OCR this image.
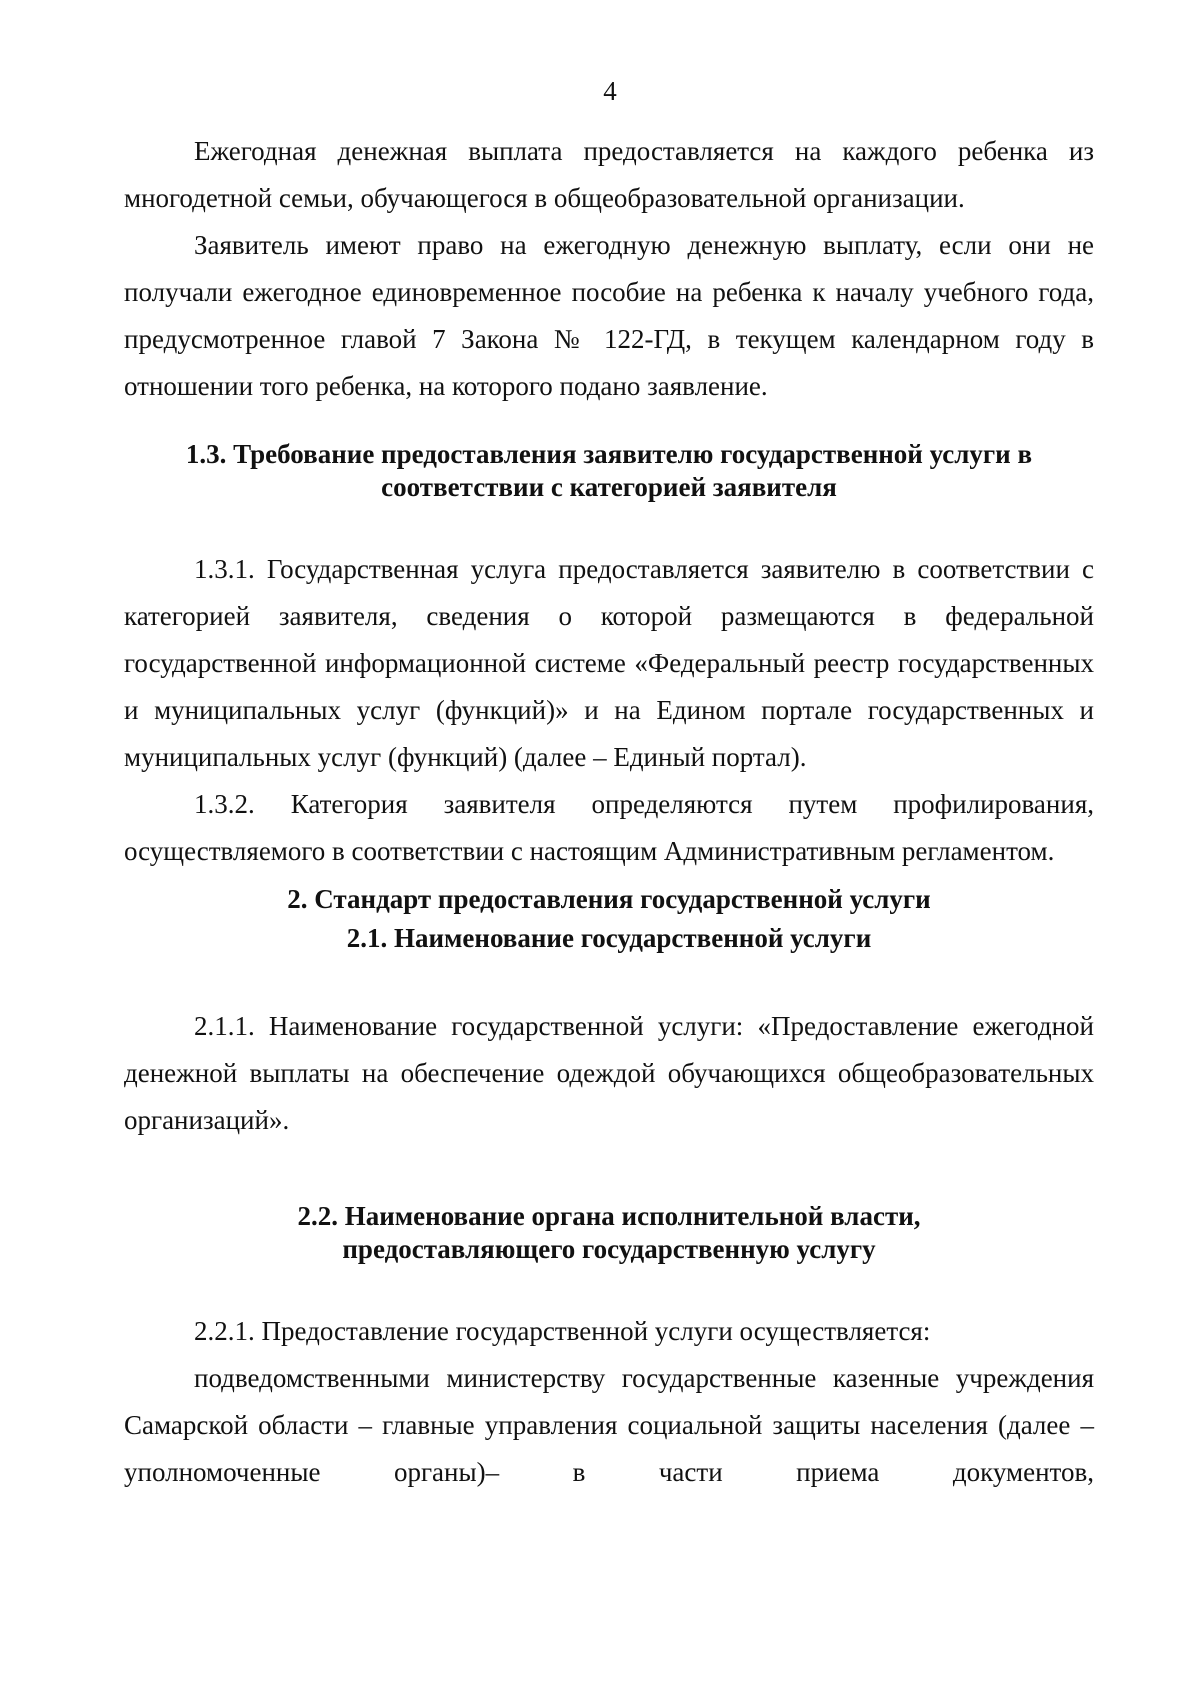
4

Ежегодная денежная выплата предоставляется на каждого ребенка из многодетной семьи, обучающегося в общеобразовательной организации.

Заявитель имеют право на ежегодную денежную выплату, если они не получали ежегодное единовременное пособие на ребенка к началу учебного года, предусмотренное главой 7 Закона № 122-ГД, в текущем календарном году в отношении того ребенка, на которого подано заявление.

1.3. Требование предоставления заявителю государственной услуги в
соответствии с категорией заявителя

1.3.1. Государственная услуга предоставляется заявителю в соответствии с категорией заявителя, сведения о которой размещаются в федеральной государственной информационной системе «Федеральный реестр государственных и муниципальных услуг (функций)» и на Едином портале государственных и муниципальных услуг (функций) (далее – Единый портал).

1.3.2. Категория заявителя определяются путем профилирования, осуществляемого в соответствии с настоящим Административным регламентом.

2. Стандарт предоставления государственной услуги
2.1. Наименование государственной услуги

2.1.1. Наименование государственной услуги: «Предоставление ежегодной денежной выплаты на обеспечение одеждой обучающихся общеобразовательных организаций».

2.2. Наименование органа исполнительной власти,
предоставляющего государственную услугу

2.2.1. Предоставление государственной услуги осуществляется:

подведомственными министерству государственные казенные учреждения Самарской области – главные управления социальной защиты населения (далее – уполномоченные органы)– в части приема документов,
